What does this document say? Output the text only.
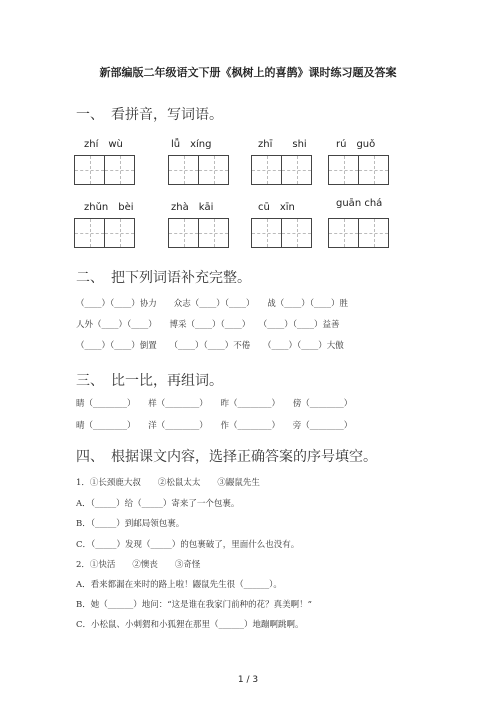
新部编版二年级语文下册《枫树上的喜鹊》课时练习题及答案
一、　看拼音，写词语。
zhí　wù	lǚ　xíng	zhī　　shi	rú　guǒ
zhǔn　bèi	zhà　kāi	cū　xīn	guān chá
二、　把下列词语补充完整。
（____）（____）协力　　众志（____）（____）　　战（____）（____）胜
人外（____）（____）　　博采（____）（____）　　（____）（____）益善
（____）（____）倒置　　（____）（____）不倦　　（____）（____）大傲
三、　比一比，再组词。
睛（________）　　样（________）　　昨（________）　　傍（________）
晴（________）　　洋（________）　　作（________）　　旁（________）
四、　根据课文内容，选择正确答案的序号填空。
1．①长颈鹿大叔　　②松鼠太太　　③鼹鼠先生
A．（_____）给（_____）寄来了一个包裹。
B．（_____）到邮局领包裹。
C．（_____）发现（_____）的包裹破了，里面什么也没有。
2．①快活　　②懊丧　　③奇怪
A．看来都漏在来时的路上啦！鼹鼠先生很（______）。
B．她（______）地问：“这是谁在我家门前种的花？真美啊！”
C．小松鼠、小刺猬和小狐狸在那里（______）地蹦啊跳啊。
1 / 3
